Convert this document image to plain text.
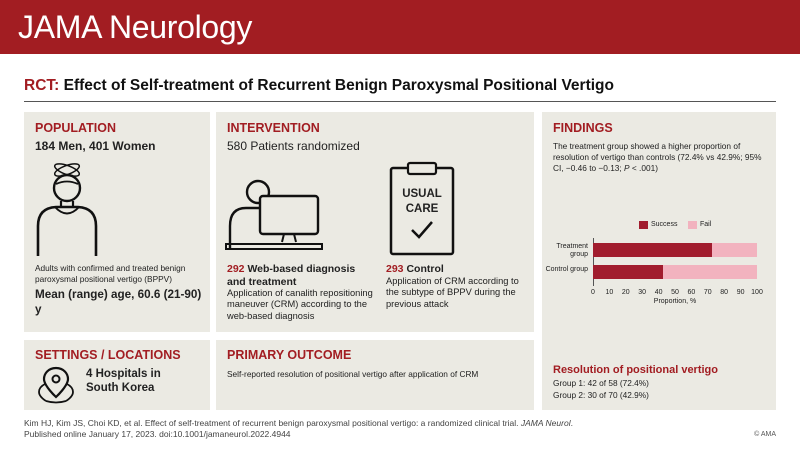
JAMA Neurology
RCT: Effect of Self-treatment of Recurrent Benign Paroxysmal Positional Vertigo
POPULATION
184 Men, 401 Women
Adults with confirmed and treated benign paroxysmal positional vertigo (BPPV)
Mean (range) age, 60.6 (21-90) y
INTERVENTION
580 Patients randomized
USUAL
CARE
292 Web-based diagnosis and treatment
Application of canalith repositioning maneuver (CRM) according to the web-based diagnosis
293 Control
Application of CRM according to the subtype of BPPV during the previous attack
FINDINGS
The treatment group showed a higher proportion of resolution of vertigo than controls (72.4% vs 42.9%; 95% CI, −0.46 to −0.13; P < .001)
Success	Fail
Treatment group
Control group
0 10 20 30 40 50 60 70 80 90 100
Proportion, %
Resolution of positional vertigo
Group 1: 42 of 58 (72.4%)
Group 2: 30 of 70 (42.9%)
SETTINGS / LOCATIONS
4 Hospitals in South Korea
PRIMARY OUTCOME
Self-reported resolution of positional vertigo after application of CRM
Kim HJ, Kim JS, Choi KD, et al. Effect of self-treatment of recurrent benign paroxysmal positional vertigo: a randomized clinical trial. JAMA Neurol.
Published online January 17, 2023. doi:10.1001/jamaneurol.2022.4944	© AMA
